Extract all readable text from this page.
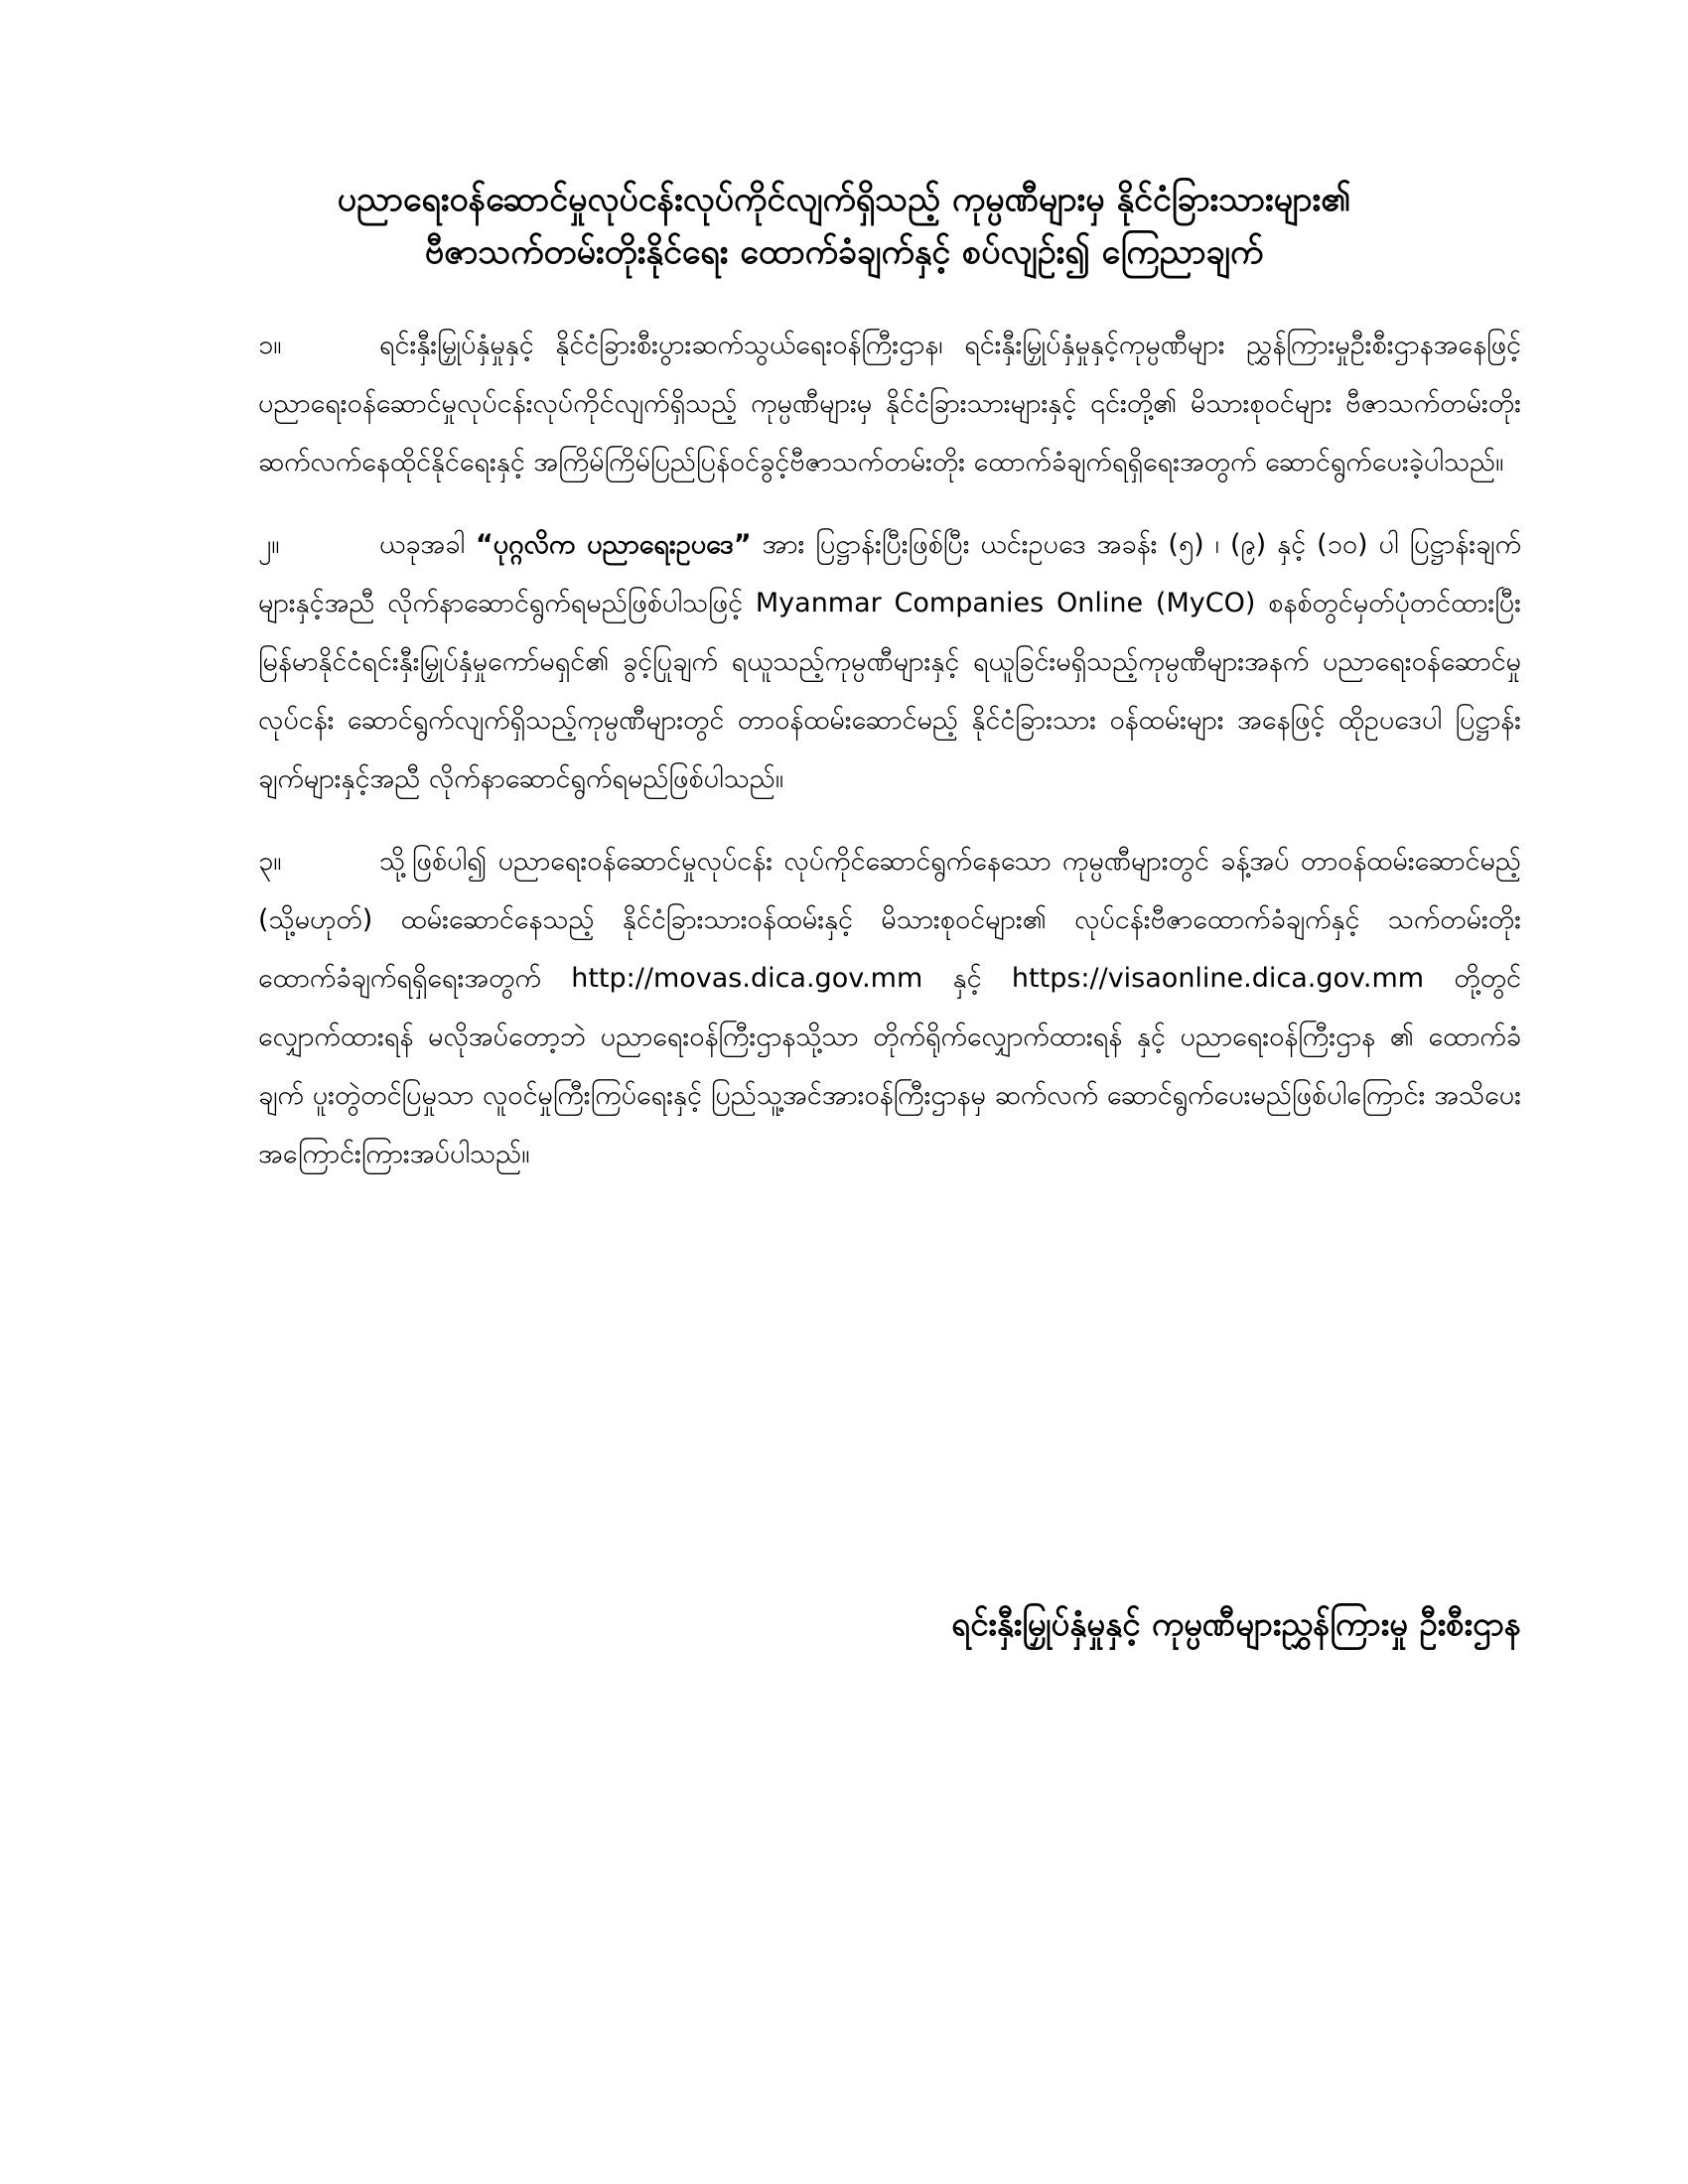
ပညာရေးဝန်ဆောင်မှုလုပ်ငန်းလုပ်ကိုင်လျက်ရှိသည့် ကုမ္ပဏီများမှ နိုင်ငံခြားသားများ၏
ဗီဇာသက်တမ်းတိုးနိုင်ရေး ထောက်ခံချက်နှင့် စပ်လျဉ်း၍ ကြေညာချက်

၁။	ရင်းနှီးမြှုပ်နှံမှုနှင့် နိုင်ငံခြားစီးပွားဆက်သွယ်ရေးဝန်ကြီးဌာန၊ ရင်းနှီးမြှုပ်နှံမှုနှင့်ကုမ္ပဏီများ ညွှန်ကြားမှုဦးစီးဌာနအနေဖြင့် ပညာရေးဝန်ဆောင်မှုလုပ်ငန်းလုပ်ကိုင်လျက်ရှိသည့် ကုမ္ပဏီများမှ နိုင်ငံခြားသားများနှင့် ၎င်းတို့၏ မိသားစုဝင်များ ဗီဇာသက်တမ်းတိုး ဆက်လက်နေထိုင်နိုင်ရေးနှင့် အကြိမ်ကြိမ်ပြည်ပြန်ဝင်ခွင့်ဗီဇာသက်တမ်းတိုး ထောက်ခံချက်ရရှိရေးအတွက် ဆောင်ရွက်ပေးခဲ့ပါသည်။

၂။	ယခုအခါ “ပုဂ္ဂလိက ပညာရေးဥပဒေ” အား ပြဋ္ဌာန်းပြီးဖြစ်ပြီး ယင်းဥပဒေ အခန်း (၅) ၊ (၉) နှင့် (၁၀) ပါ ပြဋ္ဌာန်းချက်များနှင့်အညီ လိုက်နာဆောင်ရွက်ရမည်ဖြစ်ပါသဖြင့် Myanmar Companies Online (MyCO) စနစ်တွင်မှတ်ပုံတင်ထားပြီး မြန်မာနိုင်ငံရင်းနှီးမြှုပ်နှံမှုကော်မရှင်၏ ခွင့်ပြုချက် ရယူသည့်ကုမ္ပဏီများနှင့် ရယူခြင်းမရှိသည့်ကုမ္ပဏီများအနက် ပညာရေးဝန်ဆောင်မှုလုပ်ငန်း ဆောင်ရွက်လျက်ရှိသည့်ကုမ္ပဏီများတွင် တာဝန်ထမ်းဆောင်မည့် နိုင်ငံခြားသား ဝန်ထမ်းများ အနေဖြင့် ထိုဥပဒေပါ ပြဋ္ဌာန်းချက်များနှင့်အညီ လိုက်နာဆောင်ရွက်ရမည်ဖြစ်ပါသည်။

၃။	သို့ဖြစ်ပါ၍ ပညာရေးဝန်ဆောင်မှုလုပ်ငန်း လုပ်ကိုင်ဆောင်ရွက်နေသော ကုမ္ပဏီများတွင် ခန့်အပ် တာဝန်ထမ်းဆောင်မည့် (သို့မဟုတ်) ထမ်းဆောင်နေသည့် နိုင်ငံခြားသားဝန်ထမ်းနှင့် မိသားစုဝင်များ၏ လုပ်ငန်းဗီဇာထောက်ခံချက်နှင့် သက်တမ်းတိုး ထောက်ခံချက်ရရှိရေးအတွက် http://movas.dica.gov.mm နှင့် https://visaonline.dica.gov.mm တို့တွင် လျှောက်ထားရန် မလိုအပ်တော့ဘဲ ပညာရေးဝန်ကြီးဌာနသို့သာ တိုက်ရိုက်လျှောက်ထားရန် နှင့် ပညာရေးဝန်ကြီးဌာန ၏ ထောက်ခံချက် ပူးတွဲတင်ပြမှုသာ လူဝင်မှုကြီးကြပ်ရေးနှင့် ပြည်သူ့အင်အားဝန်ကြီးဌာနမှ ဆက်လက် ဆောင်ရွက်ပေးမည်ဖြစ်ပါကြောင်း အသိပေးအကြောင်းကြားအပ်ပါသည်။

ရင်းနှီးမြှုပ်နှံမှုနှင့် ကုမ္ပဏီများညွှန်ကြားမှု ဦးစီးဌာန
